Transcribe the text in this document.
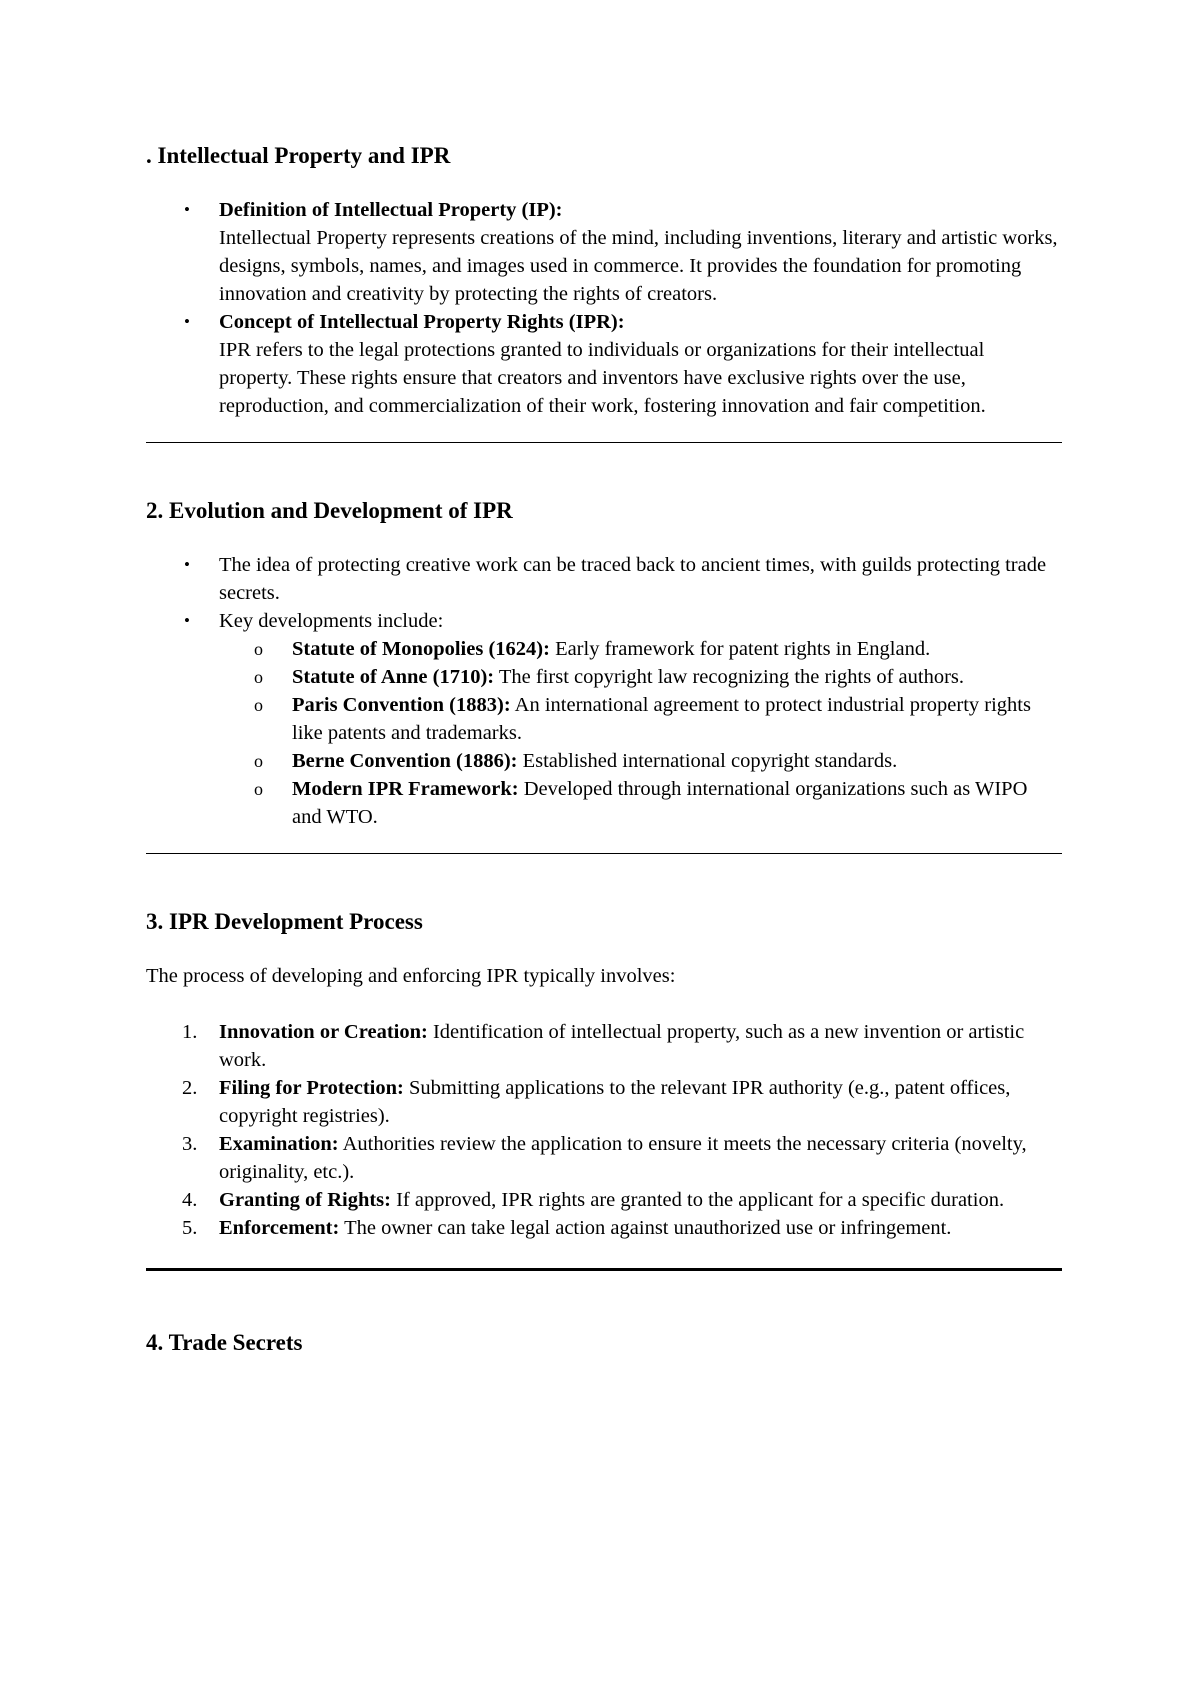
. Intellectual Property and IPR
• Definition of Intellectual Property (IP):
Intellectual Property represents creations of the mind, including inventions, literary and artistic works, designs, symbols, names, and images used in commerce. It provides the foundation for promoting innovation and creativity by protecting the rights of creators.
• Concept of Intellectual Property Rights (IPR):
IPR refers to the legal protections granted to individuals or organizations for their intellectual property. These rights ensure that creators and inventors have exclusive rights over the use, reproduction, and commercialization of their work, fostering innovation and fair competition.
2. Evolution and Development of IPR
• The idea of protecting creative work can be traced back to ancient times, with guilds protecting trade secrets.
• Key developments include:
o Statute of Monopolies (1624): Early framework for patent rights in England.
o Statute of Anne (1710): The first copyright law recognizing the rights of authors.
o Paris Convention (1883): An international agreement to protect industrial property rights like patents and trademarks.
o Berne Convention (1886): Established international copyright standards.
o Modern IPR Framework: Developed through international organizations such as WIPO and WTO.
3. IPR Development Process

The process of developing and enforcing IPR typically involves:

1. Innovation or Creation: Identification of intellectual property, such as a new invention or artistic work.
2. Filing for Protection: Submitting applications to the relevant IPR authority (e.g., patent offices, copyright registries).
3. Examination: Authorities review the application to ensure it meets the necessary criteria (novelty, originality, etc.).
4. Granting of Rights: If approved, IPR rights are granted to the applicant for a specific duration.
5. Enforcement: The owner can take legal action against unauthorized use or infringement.
4. Trade Secrets
